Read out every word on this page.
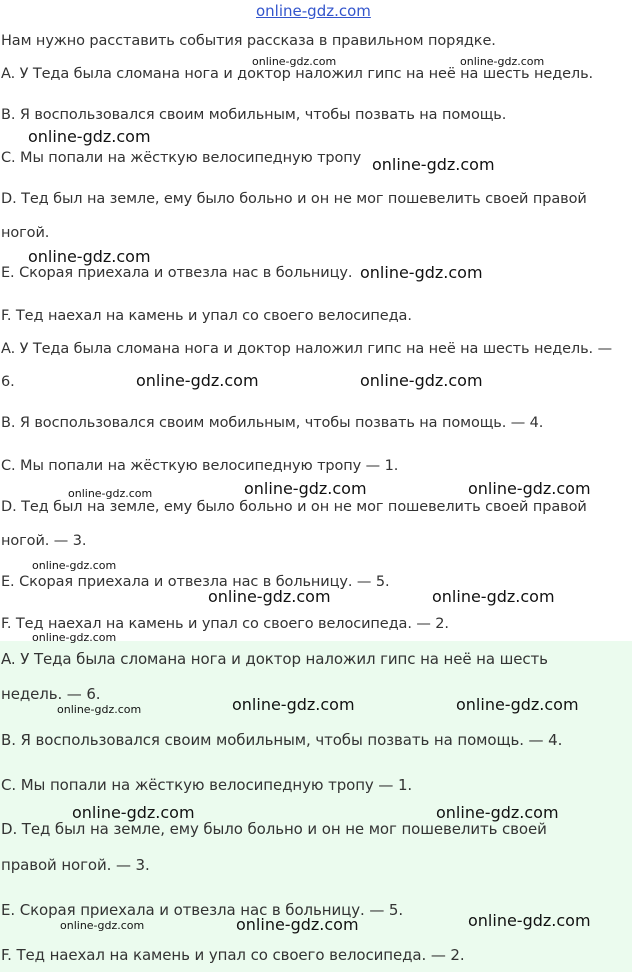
online-gdz.com
Нам нужно расставить события рассказа в правильном порядке.
A. У Теда была сломана нога и доктор наложил гипс на неё на шесть недель.
B. Я воспользовался своим мобильным, чтобы позвать на помощь.
C. Мы попали на жёсткую велосипедную тропу
D. Тед был на земле, ему было больно и он не мог пошевелить своей правой
ногой.
E. Скорая приехала и отвезла нас в больницу.
F. Тед наехал на камень и упал со своего велосипеда.
A. У Теда была сломана нога и доктор наложил гипс на неё на шесть недель. —
6.
B. Я воспользовался своим мобильным, чтобы позвать на помощь. — 4.
C. Мы попали на жёсткую велосипедную тропу — 1.
D. Тед был на земле, ему было больно и он не мог пошевелить своей правой
ногой. — 3.
E. Скорая приехала и отвезла нас в больницу. — 5.
F. Тед наехал на камень и упал со своего велосипеда. — 2.
A. У Теда была сломана нога и доктор наложил гипс на неё на шесть
недель. — 6.
B. Я воспользовался своим мобильным, чтобы позвать на помощь. — 4.
C. Мы попали на жёсткую велосипедную тропу — 1.
D. Тед был на земле, ему было больно и он не мог пошевелить своей
правой ногой. — 3.
E. Скорая приехала и отвезла нас в больницу. — 5.
F. Тед наехал на камень и упал со своего велосипеда. — 2.
online-gdz.com	online-gdz.com
online-gdz.com
online-gdz.com
online-gdz.com
online-gdz.com
online-gdz.com	online-gdz.com
online-gdz.com	online-gdz.com	online-gdz.com
online-gdz.com
online-gdz.com	online-gdz.com
online-gdz.com
online-gdz.com	online-gdz.com	online-gdz.com
online-gdz.com	online-gdz.com
online-gdz.com	online-gdz.com
online-gdz.com
